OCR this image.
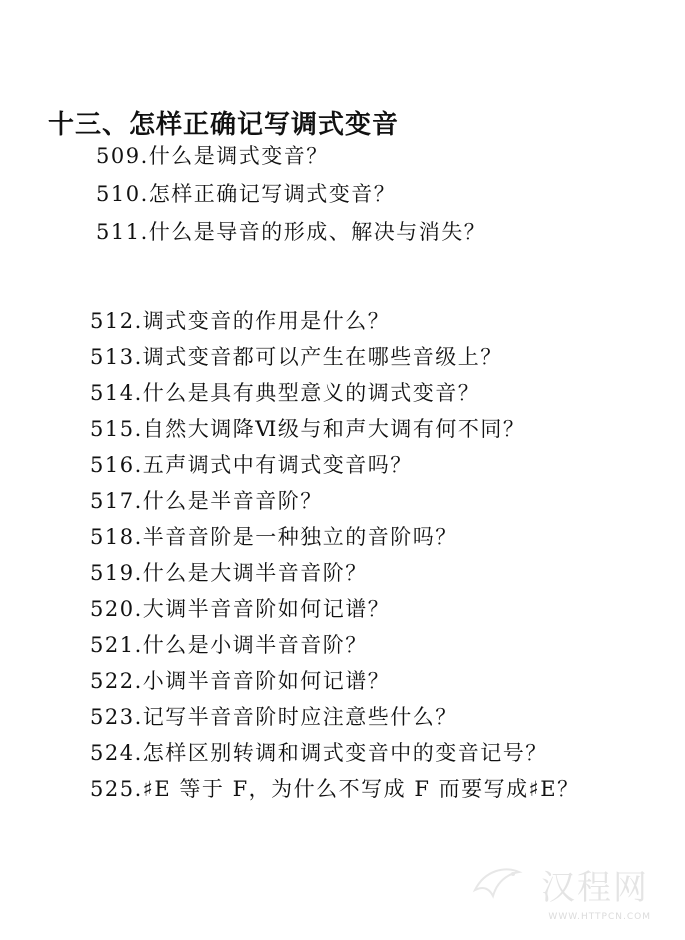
十三、怎样正确记写调式变音
509.什么是调式变音？
510.怎样正确记写调式变音？
511.什么是导音的形成、解决与消失？
512.调式变音的作用是什么？
513.调式变音都可以产生在哪些音级上？
514.什么是具有典型意义的调式变音？
515.自然大调降Ⅵ级与和声大调有何不同？
516.五声调式中有调式变音吗？
517.什么是半音音阶？
518.半音音阶是一种独立的音阶吗？
519.什么是大调半音音阶？
520.大调半音音阶如何记谱？
521.什么是小调半音音阶？
522.小调半音音阶如何记谱？
523.记写半音音阶时应注意些什么？
524.怎样区别转调和调式变音中的变音记号？
525.♯E 等于 F，为什么不写成 F 而要写成♯E？
汉程网
WWW.HTTPCN.COM
